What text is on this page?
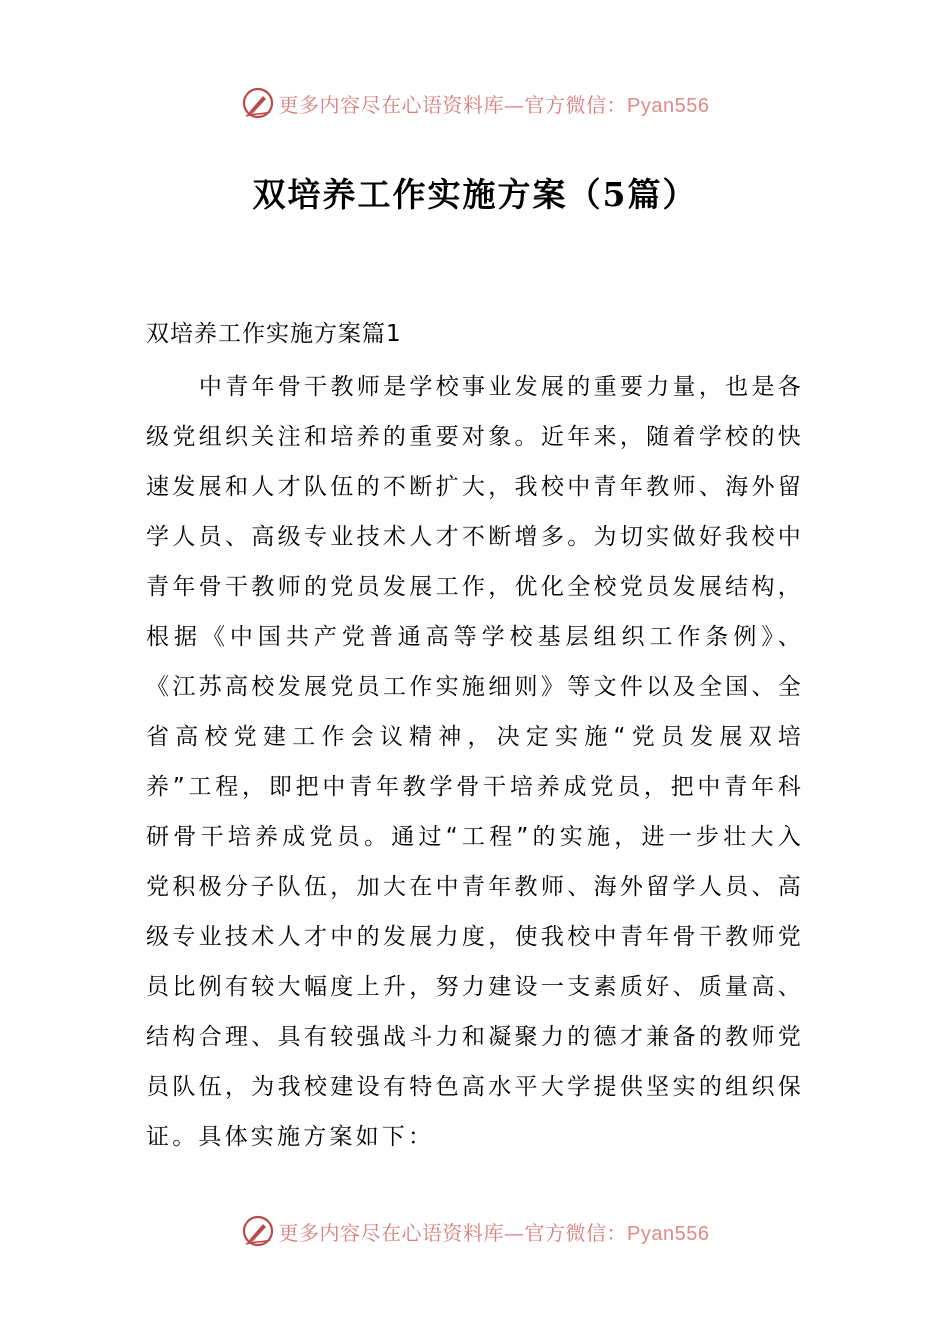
更多内容尽在心语资料库—官方微信：Pyan556
双培养工作实施方案（5篇）
双培养工作实施方案篇1

中青年骨干教师是学校事业发展的重要力量，也是各级党组织关注和培养的重要对象。近年来，随着学校的快速发展和人才队伍的不断扩大，我校中青年教师、海外留学人员、高级专业技术人才不断增多。为切实做好我校中青年骨干教师的党员发展工作，优化全校党员发展结构，根据《中国共产党普通高等学校基层组织工作条例》、《江苏高校发展党员工作实施细则》等文件以及全国、全省高校党建工作会议精神，决定实施“党员发展双培养”工程，即把中青年教学骨干培养成党员，把中青年科研骨干培养成党员。通过“工程”的实施，进一步壮大入党积极分子队伍，加大在中青年教师、海外留学人员、高级专业技术人才中的发展力度，使我校中青年骨干教师党员比例有较大幅度上升，努力建设一支素质好、质量高、结构合理、具有较强战斗力和凝聚力的德才兼备的教师党员队伍，为我校建设有特色高水平大学提供坚实的组织保证。具体实施方案如下：

更多内容尽在心语资料库—官方微信：Pyan556
